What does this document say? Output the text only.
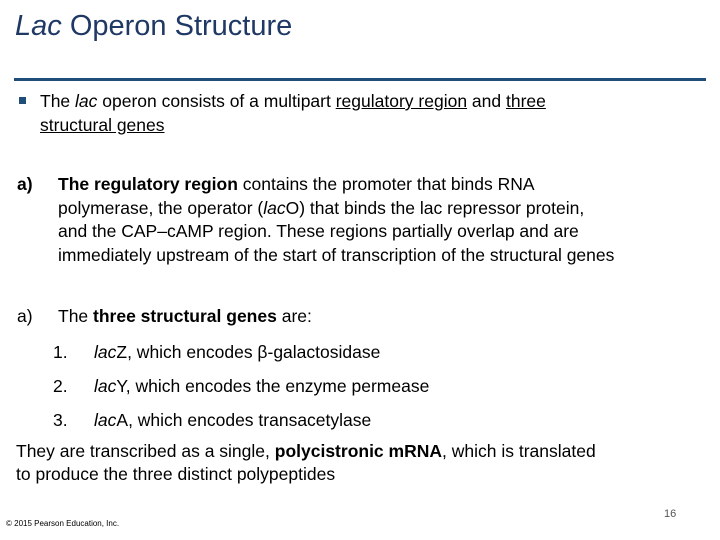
Lac Operon Structure
The lac operon consists of a multipart regulatory region and three
structural genes
a) The regulatory region contains the promoter that binds RNA
polymerase, the operator (lacO) that binds the lac repressor protein,
and the CAP–cAMP region. These regions partially overlap and are
immediately upstream of the start of transcription of the structural genes
a) The three structural genes are:
1. lacZ, which encodes β-galactosidase
2. lacY, which encodes the enzyme permease
3. lacA, which encodes transacetylase
They are transcribed as a single, polycistronic mRNA, which is translated
to produce the three distinct polypeptides
16
© 2015 Pearson Education, Inc.
